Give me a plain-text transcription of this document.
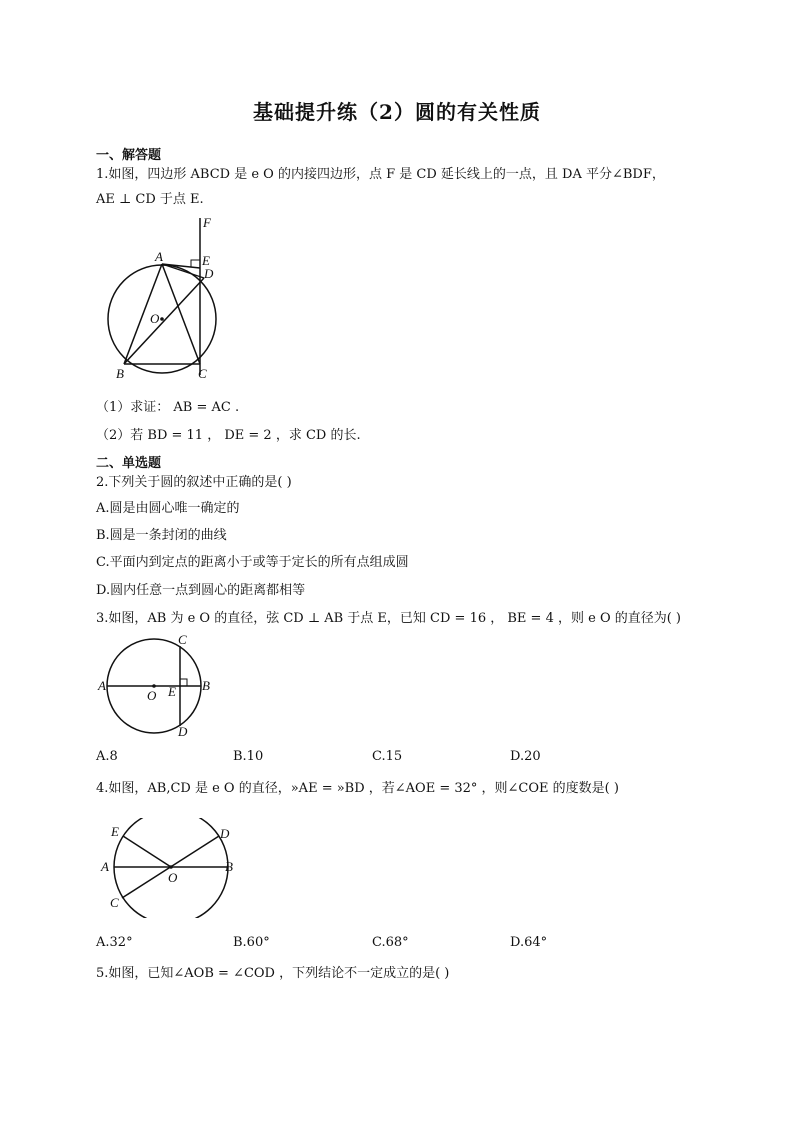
基础提升练（2）圆的有关性质
一、解答题
1.如图，四边形 ABCD 是 e O 的内接四边形，点 F 是 CD 延长线上的一点，且 DA 平分∠BDF，
AE ⊥ CD 于点 E.
F
A	E
D
O
B	C
（1）求证： AB = AC .
（2）若 BD = 11 ， DE = 2 ，求 CD 的长.
二、单选题
2.下列关于圆的叙述中正确的是( )
A.圆是由圆心唯一确定的
B.圆是一条封闭的曲线
C.平面内到定点的距离小于或等于定长的所有点组成圆
D.圆内任意一点到圆心的距离都相等
3.如图，AB 为 e O 的直径，弦 CD ⊥ AB 于点 E，已知 CD = 16 ， BE = 4 ，则 e O 的直径为( )
C
A
O E B
D
A.8	B.10	C.15	D.20
4.如图，AB,CD 是 e O 的直径，»AE = »BD ，若∠AOE = 32° ，则∠COE 的度数是( )
E	D
A
O
B
C
A.32°	B.60°	C.68°	D.64°
5.如图，已知∠AOB = ∠COD ，下列结论不一定成立的是( )
